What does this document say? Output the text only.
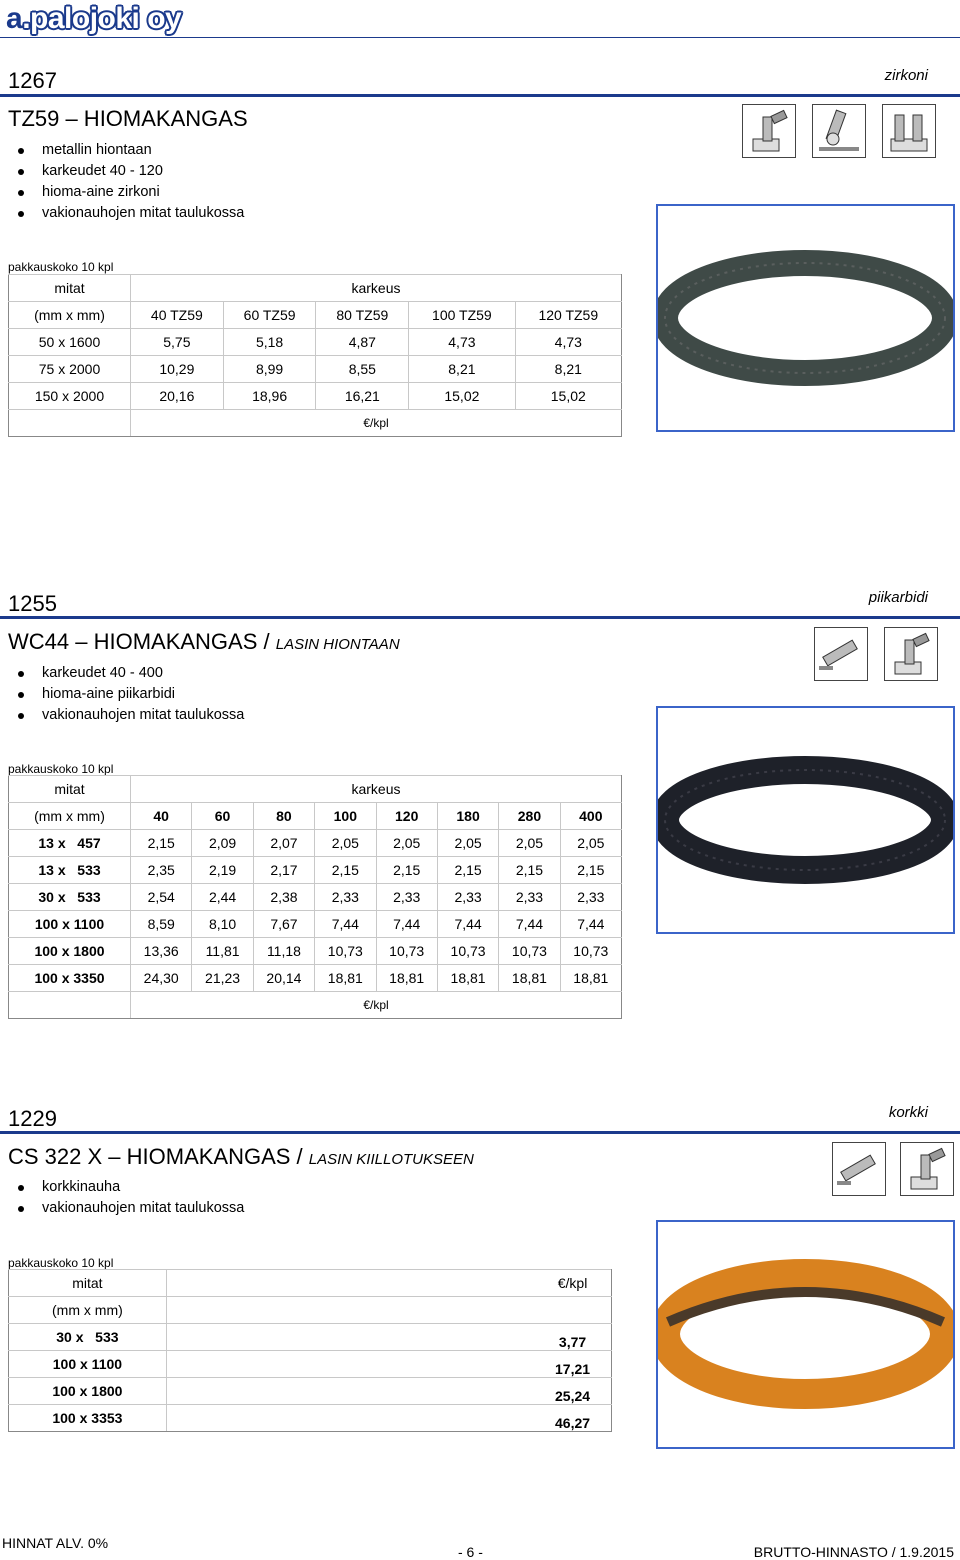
a.palojoki oy
1267	zirkoni
TZ59 – HIOMAKANGAS
metallin hiontaan
karkeudet 40 - 120
hioma-aine zirkoni
vakionauhojen mitat taulukossa
pakkauskoko 10 kpl
mitat	karkeus				
(mm x mm)	40 TZ59	60 TZ59	80 TZ59	100 TZ59	120 TZ59
50 x 1600	5,75	5,18	4,87	4,73	4,73
75 x 2000	10,29	8,99	8,55	8,21	8,21
150 x 2000	20,16	18,96	16,21	15,02	15,02
	€/kpl				
1255	piikarbidi
WC44 – HIOMAKANGAS / LASIN HIONTAAN
karkeudet 40 - 400
hioma-aine piikarbidi
vakionauhojen mitat taulukossa
pakkauskoko 10 kpl
mitat	karkeus							
(mm x mm)	40	60	80	100	120	180	280	400
13 x   457	2,15	2,09	2,07	2,05	2,05	2,05	2,05	2,05
13 x   533	2,35	2,19	2,17	2,15	2,15	2,15	2,15	2,15
30 x   533	2,54	2,44	2,38	2,33	2,33	2,33	2,33	2,33
100 x 1100	8,59	8,10	7,67	7,44	7,44	7,44	7,44	7,44
100 x 1800	13,36	11,81	11,18	10,73	10,73	10,73	10,73	10,73
100 x 3350	24,30	21,23	20,14	18,81	18,81	18,81	18,81	18,81
	€/kpl							
1229	korkki
CS 322 X – HIOMAKANGAS / LASIN KIILLOTUKSEEN
korkkinauha
vakionauhojen mitat taulukossa
pakkauskoko 10 kpl
mitat		€/kpl
(mm x mm)		
30 x   533		3,77
100 x 1100		17,21
100 x 1800		25,24
100 x 3353		46,27
HINNAT ALV. 0%
- 6 -	BRUTTO-HINNASTO / 1.9.2015
